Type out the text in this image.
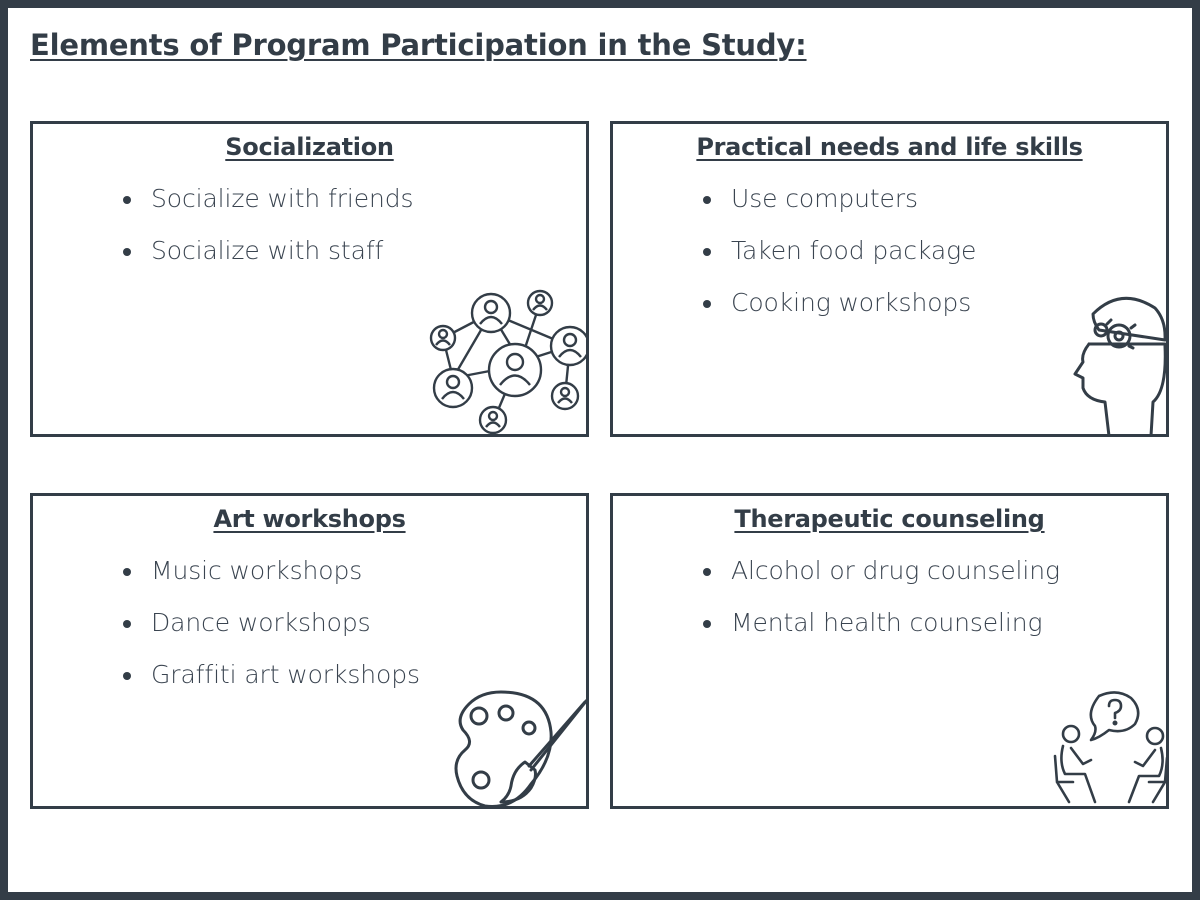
Elements of Program Participation in the Study:
Socialization
Socialize with friends
Socialize with staff
Practical needs and life skills
Use computers
Taken food package
Cooking workshops
Art workshops
Music workshops
Dance workshops
Graffiti art workshops
Therapeutic counseling
Alcohol or drug counseling
Mental health counseling
